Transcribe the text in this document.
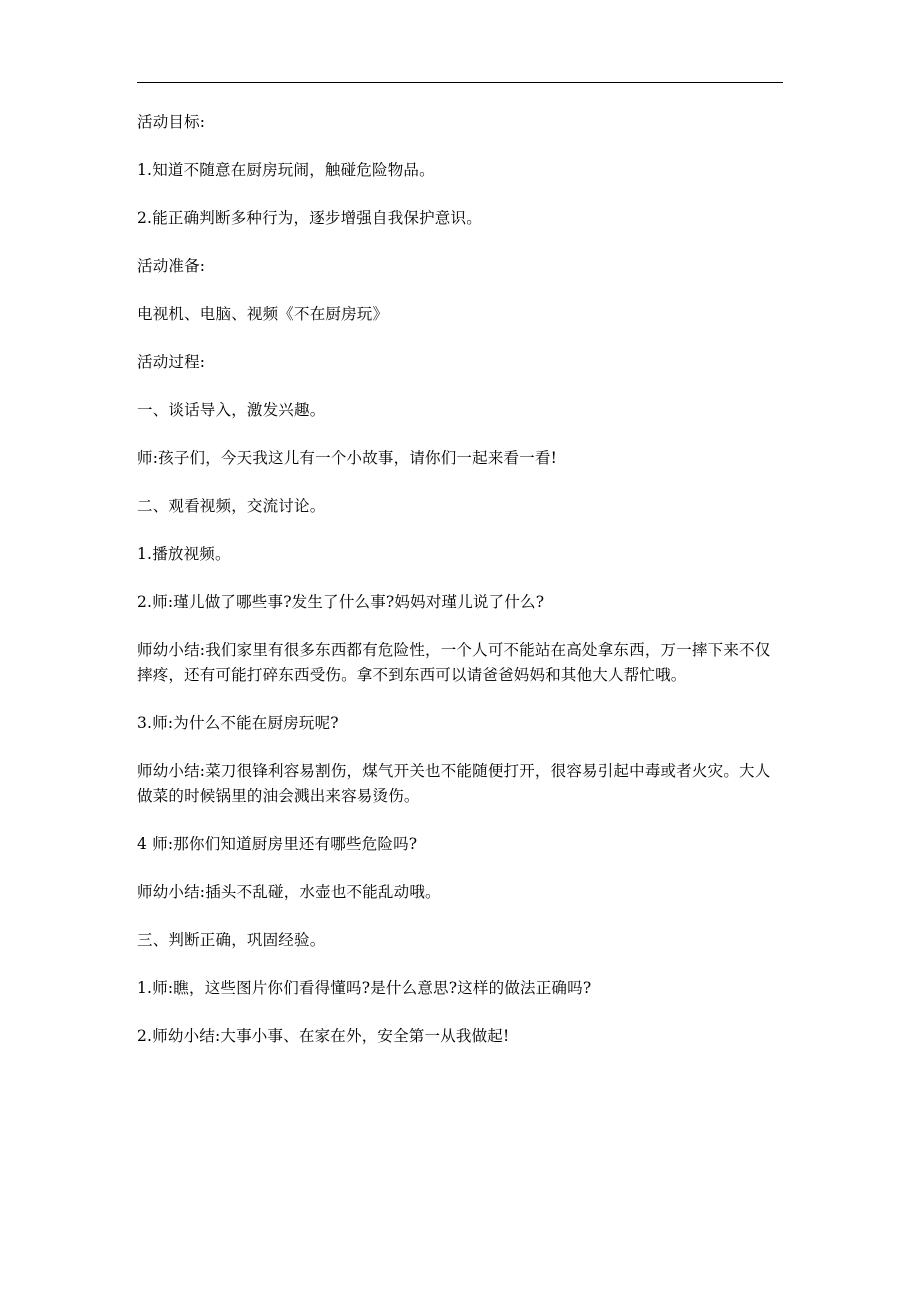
活动目标:

1.知道不随意在厨房玩闹，触碰危险物品。

2.能正确判断多种行为，逐步增强自我保护意识。

活动准备:

电视机、电脑、视频《不在厨房玩》

活动过程:

一、谈话导入，激发兴趣。

师:孩子们，今天我这儿有一个小故事，请你们一起来看一看!

二、观看视频，交流讨论。

1.播放视频。

2.师:瑾儿做了哪些事?发生了什么事?妈妈对瑾儿说了什么?

师幼小结:我们家里有很多东西都有危险性，一个人可不能站在高处拿东西，万一摔下来不仅摔疼，还有可能打碎东西受伤。拿不到东西可以请爸爸妈妈和其他大人帮忙哦。

3.师:为什么不能在厨房玩呢?

师幼小结:菜刀很锋利容易割伤，煤气开关也不能随便打开，很容易引起中毒或者火灾。大人做菜的时候锅里的油会溅出来容易烫伤。

4 师:那你们知道厨房里还有哪些危险吗?

师幼小结:插头不乱碰，水壶也不能乱动哦。

三、判断正确，巩固经验。

1.师:瞧，这些图片你们看得懂吗?是什么意思?这样的做法正确吗?

2.师幼小结:大事小事、在家在外，安全第一从我做起!
